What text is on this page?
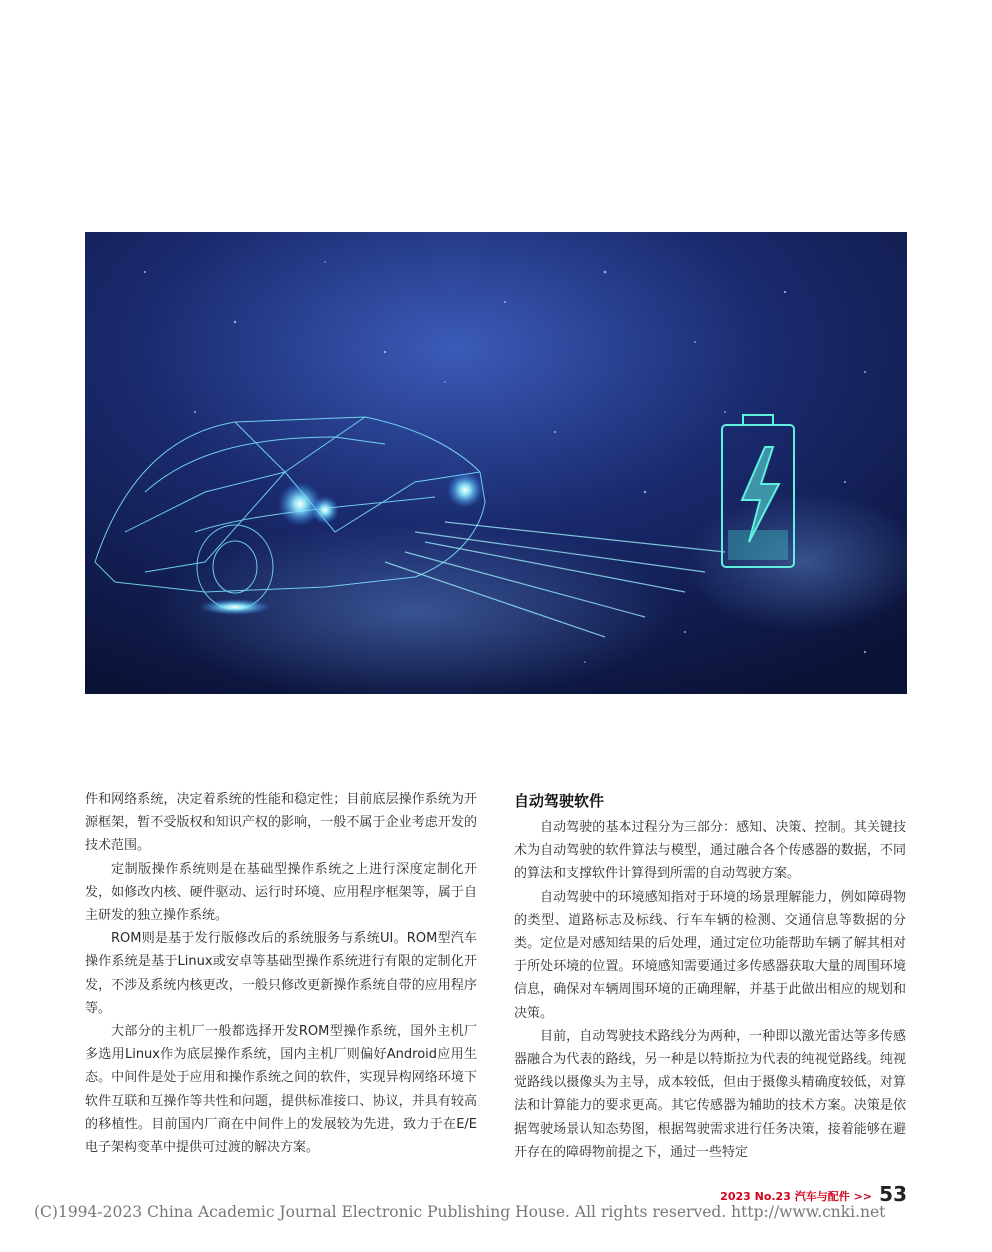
件和网络系统，决定着系统的性能和稳定性；目前底层操作系统为开源框架，暂不受版权和知识产权的影响，一般不属于企业考虑开发的技术范围。

定制版操作系统则是在基础型操作系统之上进行深度定制化开发，如修改内核、硬件驱动、运行时环境、应用程序框架等，属于自主研发的独立操作系统。

ROM则是基于发行版修改后的系统服务与系统UI。ROM型汽车操作系统是基于Linux或安卓等基础型操作系统进行有限的定制化开发，不涉及系统内核更改，一般只修改更新操作系统自带的应用程序等。

大部分的主机厂一般都选择开发ROM型操作系统，国外主机厂多选用Linux作为底层操作系统，国内主机厂则偏好Android应用生态。中间件是处于应用和操作系统之间的软件，实现异构网络环境下软件互联和互操作等共性和问题，提供标准接口、协议，并具有较高的移植性。目前国内厂商在中间件上的发展较为先进，致力于在E/E电子架构变革中提供可过渡的解决方案。

自动驾驶软件

自动驾驶的基本过程分为三部分：感知、决策、控制。其关键技术为自动驾驶的软件算法与模型，通过融合各个传感器的数据，不同的算法和支撑软件计算得到所需的自动驾驶方案。

自动驾驶中的环境感知指对于环境的场景理解能力，例如障碍物的类型、道路标志及标线、行车车辆的检测、交通信息等数据的分类。定位是对感知结果的后处理，通过定位功能帮助车辆了解其相对于所处环境的位置。环境感知需要通过多传感器获取大量的周围环境信息，确保对车辆周围环境的正确理解，并基于此做出相应的规划和决策。

目前，自动驾驶技术路线分为两种，一种即以激光雷达等多传感器融合为代表的路线，另一种是以特斯拉为代表的纯视觉路线。纯视觉路线以摄像头为主导，成本较低，但由于摄像头精确度较低，对算法和计算能力的要求更高。其它传感器为辅助的技术方案。决策是依据驾驶场景认知态势图，根据驾驶需求进行任务决策，接着能够在避开存在的障碍物前提之下，通过一些特定

2023 No.23 汽车与配件 >> 53
(C)1994-2023 China Academic Journal Electronic Publishing House. All rights reserved. http://www.cnki.net
